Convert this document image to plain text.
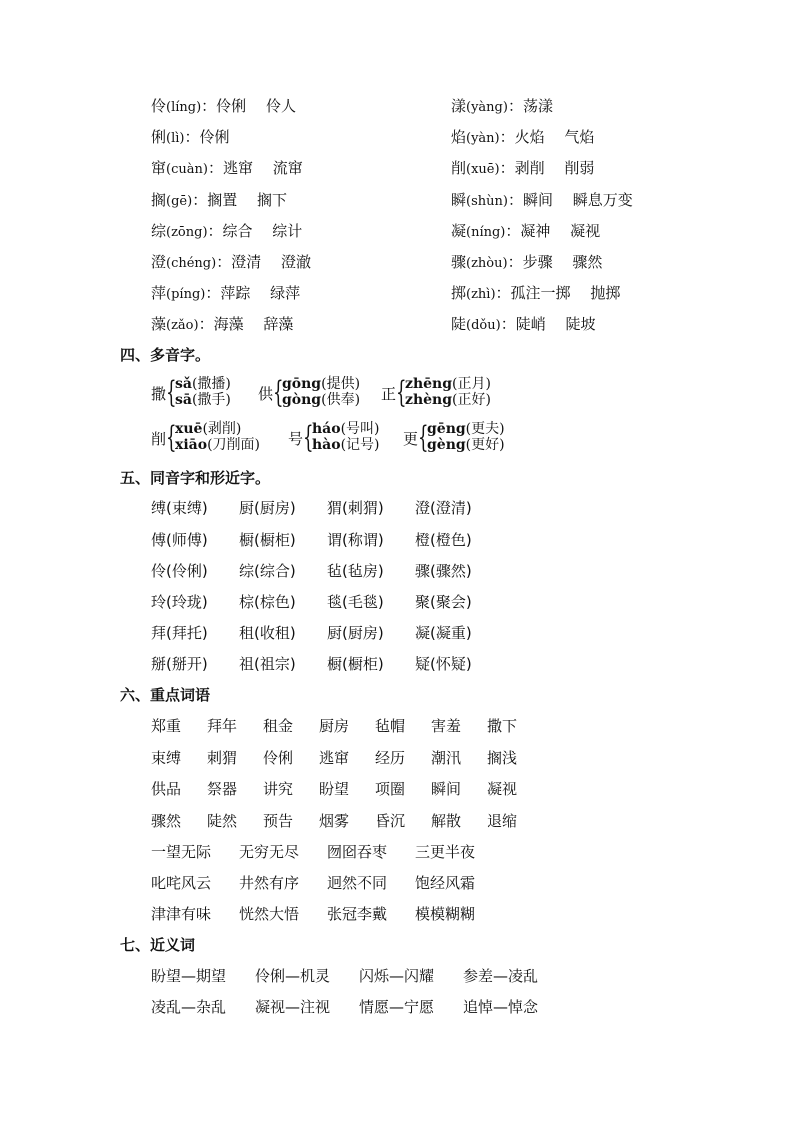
伶(líng)：伶俐　 伶人
俐(lì)：伶俐
窜(cuàn)：逃窜　 流窜
搁(gē)：搁置　 搁下
综(zōng)：综合　 综计
澄(chéng)：澄清　 澄澈
萍(píng)：萍踪　 绿萍
藻(zǎo)：海藻　 辞藻
漾(yàng)：荡漾
焰(yàn)：火焰　 气焰
削(xuē)：剥削　 削弱
瞬(shùn)：瞬间　 瞬息万变
凝(níng)：凝神　 凝视
骤(zhòu)：步骤　 骤然
掷(zhì)：孤注一掷　 抛掷
陡(dǒu)：陡峭　 陡坡
四、多音字。
撒 {
sǎ(撒播)
sā(撒手) 供 {
gōng(提供)
gòng(供奉) 正 {
zhēng(正月)
zhèng(正好)
削 {
xuē(剥削)
xiāo(刀削面) 号 {
háo(号叫)
hào(记号) 更 {
gēng(更夫)
gèng(更好)
五、同音字和形近字。
缚(束缚) 厨(厨房) 猬(刺猬) 澄(澄清)
傅(师傅) 橱(橱柜) 谓(称谓) 橙(橙色)
伶(伶俐) 综(综合) 毡(毡房) 骤(骤然)
玲(玲珑) 棕(棕色) 毯(毛毯) 聚(聚会)
拜(拜托) 租(收租) 厨(厨房) 凝(凝重)
掰(掰开) 祖(祖宗) 橱(橱柜) 疑(怀疑)
六、重点词语
郑重 拜年 租金 厨房 毡帽 害羞 撒下
束缚 刺猬 伶俐 逃窜 经历 潮汛 搁浅
供品 祭器 讲究 盼望 项圈 瞬间 凝视
骤然 陡然 预告 烟雾 昏沉 解散 退缩
一望无际 无穷无尽 囫囵吞枣 三更半夜
叱咤风云 井然有序 迥然不同 饱经风霜
津津有味 恍然大悟 张冠李戴 模模糊糊
七、近义词
盼望—期望 伶俐—机灵 闪烁—闪耀 参差—凌乱
凌乱—杂乱 凝视—注视 情愿—宁愿 追悼—悼念
